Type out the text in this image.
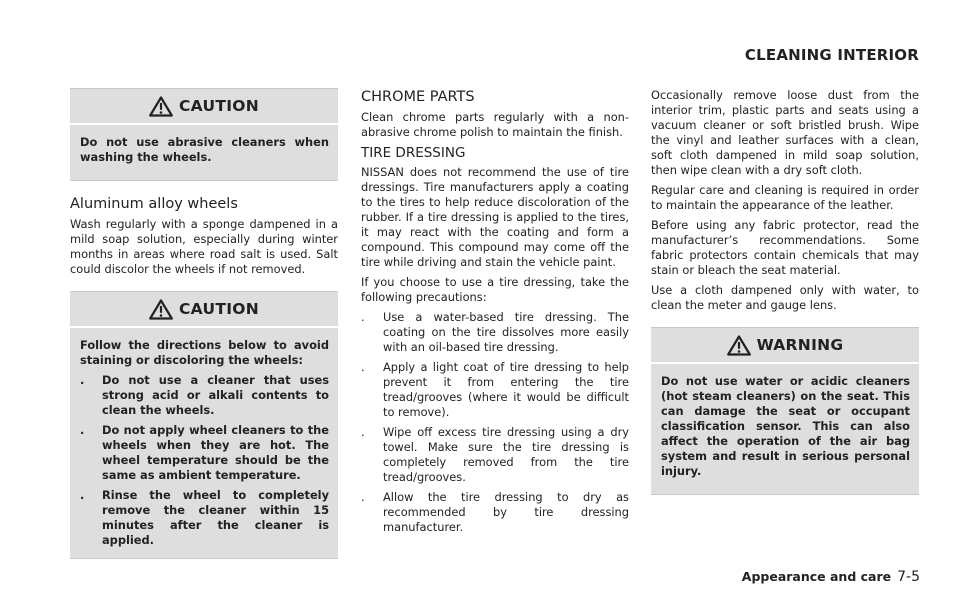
CLEANING INTERIOR
CAUTION

Do not use abrasive cleaners when washing the wheels.

Aluminum alloy wheels

Wash regularly with a sponge dampened in a mild soap solution, especially during winter months in areas where road salt is used. Salt could discolor the wheels if not removed.

CAUTION

Follow the directions below to avoid staining or discoloring the wheels:

. Do not use a cleaner that uses strong acid or alkali contents to clean the wheels.
. Do not apply wheel cleaners to the wheels when they are hot. The wheel temperature should be the same as ambient temperature.
. Rinse the wheel to completely remove the cleaner within 15 minutes after the cleaner is applied.
CHROME PARTS

Clean chrome parts regularly with a non-abrasive chrome polish to maintain the finish.

TIRE DRESSING

NISSAN does not recommend the use of tire dressings. Tire manufacturers apply a coating to the tires to help reduce discoloration of the rubber. If a tire dressing is applied to the tires, it may react with the coating and form a compound. This compound may come off the tire while driving and stain the vehicle paint.

If you choose to use a tire dressing, take the following precautions:

. Use a water-based tire dressing. The coating on the tire dissolves more easily with an oil-based tire dressing.
. Apply a light coat of tire dressing to help prevent it from entering the tire tread/grooves (where it would be difficult to remove).
. Wipe off excess tire dressing using a dry towel. Make sure the tire dressing is completely removed from the tire tread/grooves.
. Allow the tire dressing to dry as recommended by tire dressing manufacturer.

Occasionally remove loose dust from the interior trim, plastic parts and seats using a vacuum cleaner or soft bristled brush. Wipe the vinyl and leather surfaces with a clean, soft cloth dampened in mild soap solution, then wipe clean with a dry soft cloth.

Regular care and cleaning is required in order to maintain the appearance of the leather.

Before using any fabric protector, read the manufacturer’s recommendations. Some fabric protectors contain chemicals that may stain or bleach the seat material.

Use a cloth dampened only with water, to clean the meter and gauge lens.

WARNING

Do not use water or acidic cleaners (hot steam cleaners) on the seat. This can damage the seat or occupant classification sensor. This can also affect the operation of the air bag system and result in serious personal injury.

Appearance and care 7-5
